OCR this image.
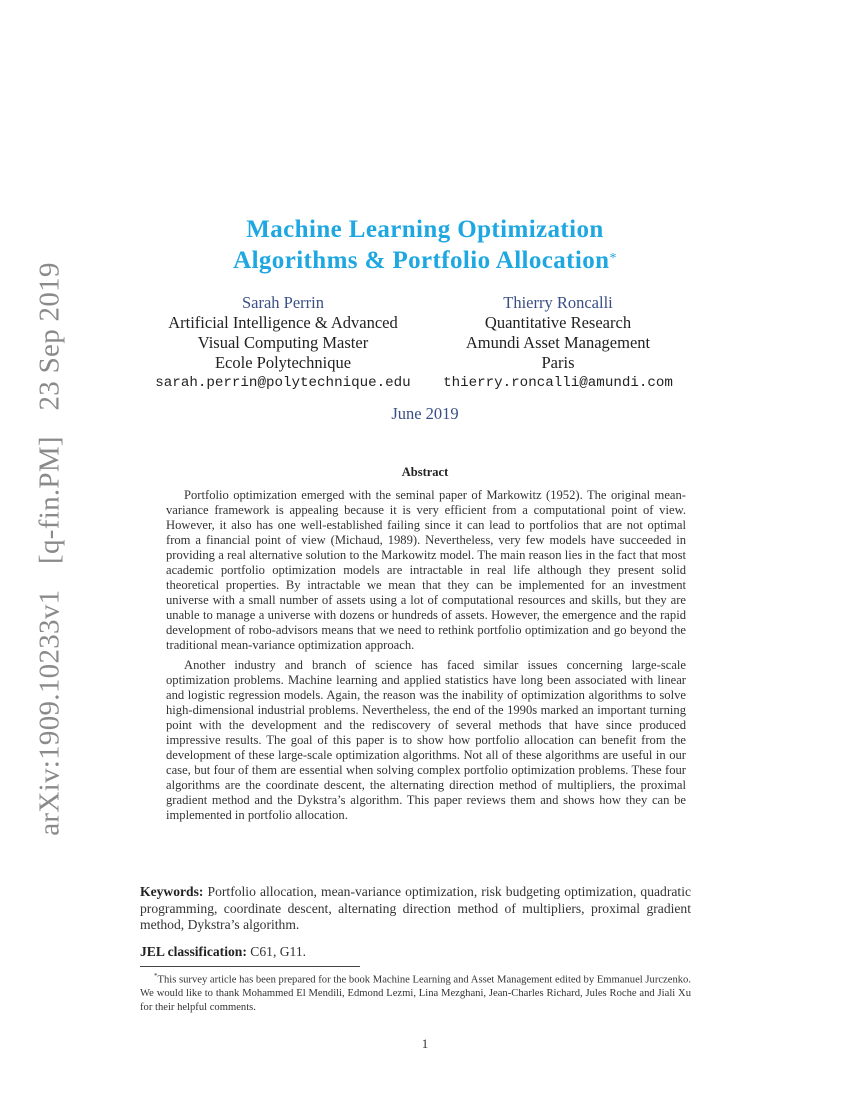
arXiv:1909.10233v1 [q-fin.PM] 23 Sep 2019
Machine Learning Optimization
Algorithms & Portfolio Allocation*
Sarah Perrin
Artificial Intelligence & Advanced
Visual Computing Master
Ecole Polytechnique
sarah.perrin@polytechnique.edu
Thierry Roncalli
Quantitative Research
Amundi Asset Management
Paris
thierry.roncalli@amundi.com
June 2019
Abstract

Portfolio optimization emerged with the seminal paper of Markowitz (1952). The original mean-variance framework is appealing because it is very efficient from a computational point of view. However, it also has one well-established failing since it can lead to portfolios that are not optimal from a financial point of view (Michaud, 1989). Nevertheless, very few models have succeeded in providing a real alternative solution to the Markowitz model. The main reason lies in the fact that most academic portfolio optimization models are intractable in real life although they present solid theoretical properties. By intractable we mean that they can be implemented for an investment universe with a small number of assets using a lot of computational resources and skills, but they are unable to manage a universe with dozens or hundreds of assets. However, the emergence and the rapid development of robo-advisors means that we need to rethink portfolio optimization and go beyond the traditional mean-variance optimization approach.

Another industry and branch of science has faced similar issues concerning large-scale optimization problems. Machine learning and applied statistics have long been associated with linear and logistic regression models. Again, the reason was the inability of optimization algorithms to solve high-dimensional industrial problems. Nevertheless, the end of the 1990s marked an important turning point with the development and the rediscovery of several methods that have since produced impressive results. The goal of this paper is to show how portfolio allocation can benefit from the development of these large-scale optimization algorithms. Not all of these algorithms are useful in our case, but four of them are essential when solving complex portfolio optimization problems. These four algorithms are the coordinate descent, the alternating direction method of multipliers, the proximal gradient method and the Dykstra’s algorithm. This paper reviews them and shows how they can be implemented in portfolio allocation.

Keywords: Portfolio allocation, mean-variance optimization, risk budgeting optimization, quadratic programming, coordinate descent, alternating direction method of multipliers, proximal gradient method, Dykstra’s algorithm.
JEL classification: C61, G11.
*This survey article has been prepared for the book Machine Learning and Asset Management edited by Emmanuel Jurczenko. We would like to thank Mohammed El Mendili, Edmond Lezmi, Lina Mezghani, Jean-Charles Richard, Jules Roche and Jiali Xu for their helpful comments.
1
